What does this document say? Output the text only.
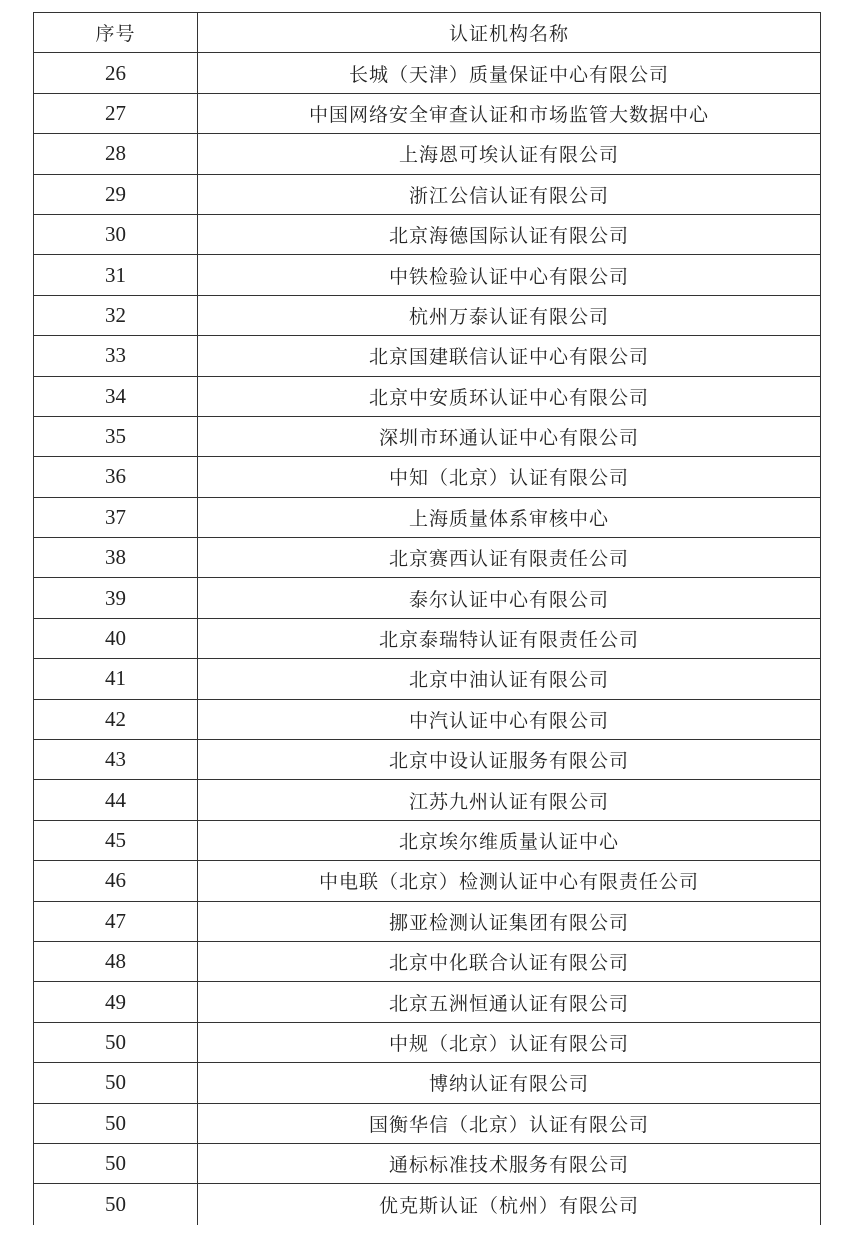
序号	认证机构名称
26	长城（天津）质量保证中心有限公司
27	中国网络安全审查认证和市场监管大数据中心
28	上海恩可埃认证有限公司
29	浙江公信认证有限公司
30	北京海德国际认证有限公司
31	中铁检验认证中心有限公司
32	杭州万泰认证有限公司
33	北京国建联信认证中心有限公司
34	北京中安质环认证中心有限公司
35	深圳市环通认证中心有限公司
36	中知（北京）认证有限公司
37	上海质量体系审核中心
38	北京赛西认证有限责任公司
39	泰尔认证中心有限公司
40	北京泰瑞特认证有限责任公司
41	北京中油认证有限公司
42	中汽认证中心有限公司
43	北京中设认证服务有限公司
44	江苏九州认证有限公司
45	北京埃尔维质量认证中心
46	中电联（北京）检测认证中心有限责任公司
47	挪亚检测认证集团有限公司
48	北京中化联合认证有限公司
49	北京五洲恒通认证有限公司
50	中规（北京）认证有限公司
50	博纳认证有限公司
50	国衡华信（北京）认证有限公司
50	通标标准技术服务有限公司
50	优克斯认证（杭州）有限公司
